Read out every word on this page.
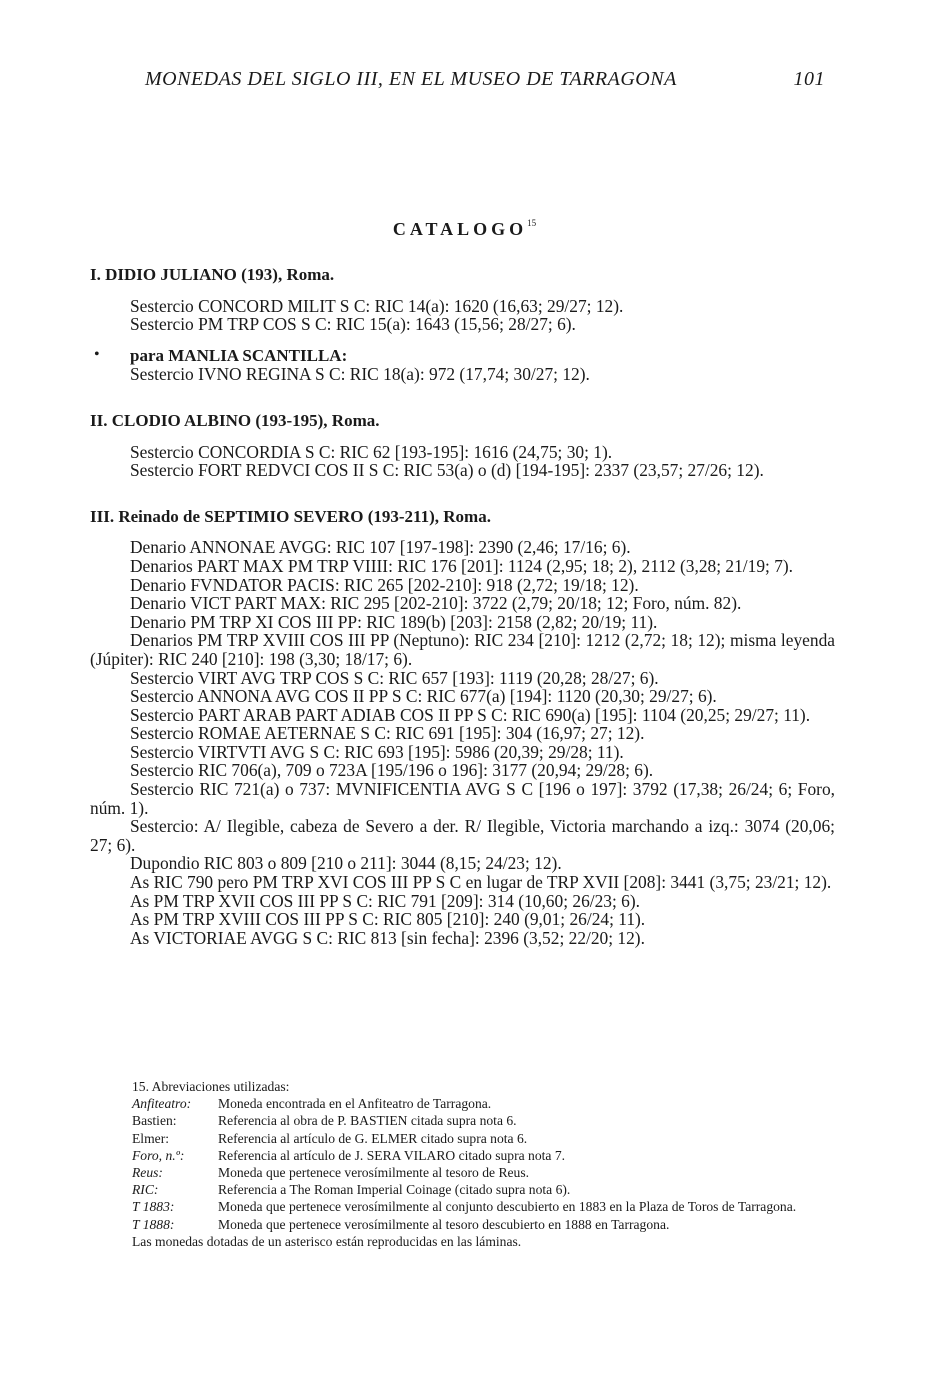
MONEDAS DEL SIGLO III, EN EL MUSEO DE TARRAGONA	101
CATALOGO$^{15}$
I. DIDIO JULIANO (193), Roma.
Sestercio CONCORD MILIT S C: RIC 14(a): 1620 (16,63; 29/27; 12).
Sestercio PM TRP COS S C: RIC 15(a): 1643 (15,56; 28/27; 6).
• para MANLIA SCANTILLA:
Sestercio IVNO REGINA S C: RIC 18(a): 972 (17,74; 30/27; 12).
II. CLODIO ALBINO (193-195), Roma.
Sestercio CONCORDIA S C: RIC 62 [193-195]: 1616 (24,75; 30; 1).
Sestercio FORT REDVCI COS II S C: RIC 53(a) o (d) [194-195]: 2337 (23,57; 27/26; 12).
III. Reinado de SEPTIMIO SEVERO (193-211), Roma.
Denario ANNONAE AVGG: RIC 107 [197-198]: 2390 (2,46; 17/16; 6).
Denarios PART MAX PM TRP VIIII: RIC 176 [201]: 1124 (2,95; 18; 2), 2112 (3,28; 21/19; 7).
Denario FVNDATOR PACIS: RIC 265 [202-210]: 918 (2,72; 19/18; 12).
Denario VICT PART MAX: RIC 295 [202-210]: 3722 (2,79; 20/18; 12; Foro, núm. 82).
Denario PM TRP XI COS III PP: RIC 189(b) [203]: 2158 (2,82; 20/19; 11).
Denarios PM TRP XVIII COS III PP (Neptuno): RIC 234 [210]: 1212 (2,72; 18; 12); misma leyenda (Júpiter): RIC 240 [210]: 198 (3,30; 18/17; 6).
Sestercio VIRT AVG TRP COS S C: RIC 657 [193]: 1119 (20,28; 28/27; 6).
Sestercio ANNONA AVG COS II PP S C: RIC 677(a) [194]: 1120 (20,30; 29/27; 6).
Sestercio PART ARAB PART ADIAB COS II PP S C: RIC 690(a) [195]: 1104 (20,25; 29/27; 11).
Sestercio ROMAE AETERNAE S C: RIC 691 [195]: 304 (16,97; 27; 12).
Sestercio VIRTVTI AVG S C: RIC 693 [195]: 5986 (20,39; 29/28; 11).
Sestercio RIC 706(a), 709 o 723A [195/196 o 196]: 3177 (20,94; 29/28; 6).
Sestercio RIC 721(a) o 737: MVNIFICENTIA AVG S C [196 o 197]: 3792 (17,38; 26/24; 6; Foro, núm. 1).
Sestercio: A/ Ilegible, cabeza de Severo a der. R/ Ilegible, Victoria marchando a izq.: 3074 (20,06; 27; 6).
Dupondio RIC 803 o 809 [210 o 211]: 3044 (8,15; 24/23; 12).
As RIC 790 pero PM TRP XVI COS III PP S C en lugar de TRP XVII [208]: 3441 (3,75; 23/21; 12).
As PM TRP XVII COS III PP S C: RIC 791 [209]: 314 (10,60; 26/23; 6).
As PM TRP XVIII COS III PP S C: RIC 805 [210]: 240 (9,01; 26/24; 11).
As VICTORIAE AVGG S C: RIC 813 [sin fecha]: 2396 (3,52; 22/20; 12).
15. Abreviaciones utilizadas:
Anfiteatro:	Moneda encontrada en el Anfiteatro de Tarragona.
Bastien:	Referencia al obra de P. BASTIEN citada supra nota 6.
Elmer:	Referencia al artículo de G. ELMER citado supra nota 6.
Foro, n.º:	Referencia al artículo de J. SERA VILARO citado supra nota 7.
Reus:	Moneda que pertenece verosímilmente al tesoro de Reus.
RIC:	Referencia a The Roman Imperial Coinage (citado supra nota 6).
T 1883:	Moneda que pertenece verosímilmente al conjunto descubierto en 1883 en la Plaza de Toros de Tarragona.
T 1888:	Moneda que pertenece verosímilmente al tesoro descubierto en 1888 en Tarragona.
Las monedas dotadas de un asterisco están reproducidas en las láminas.
